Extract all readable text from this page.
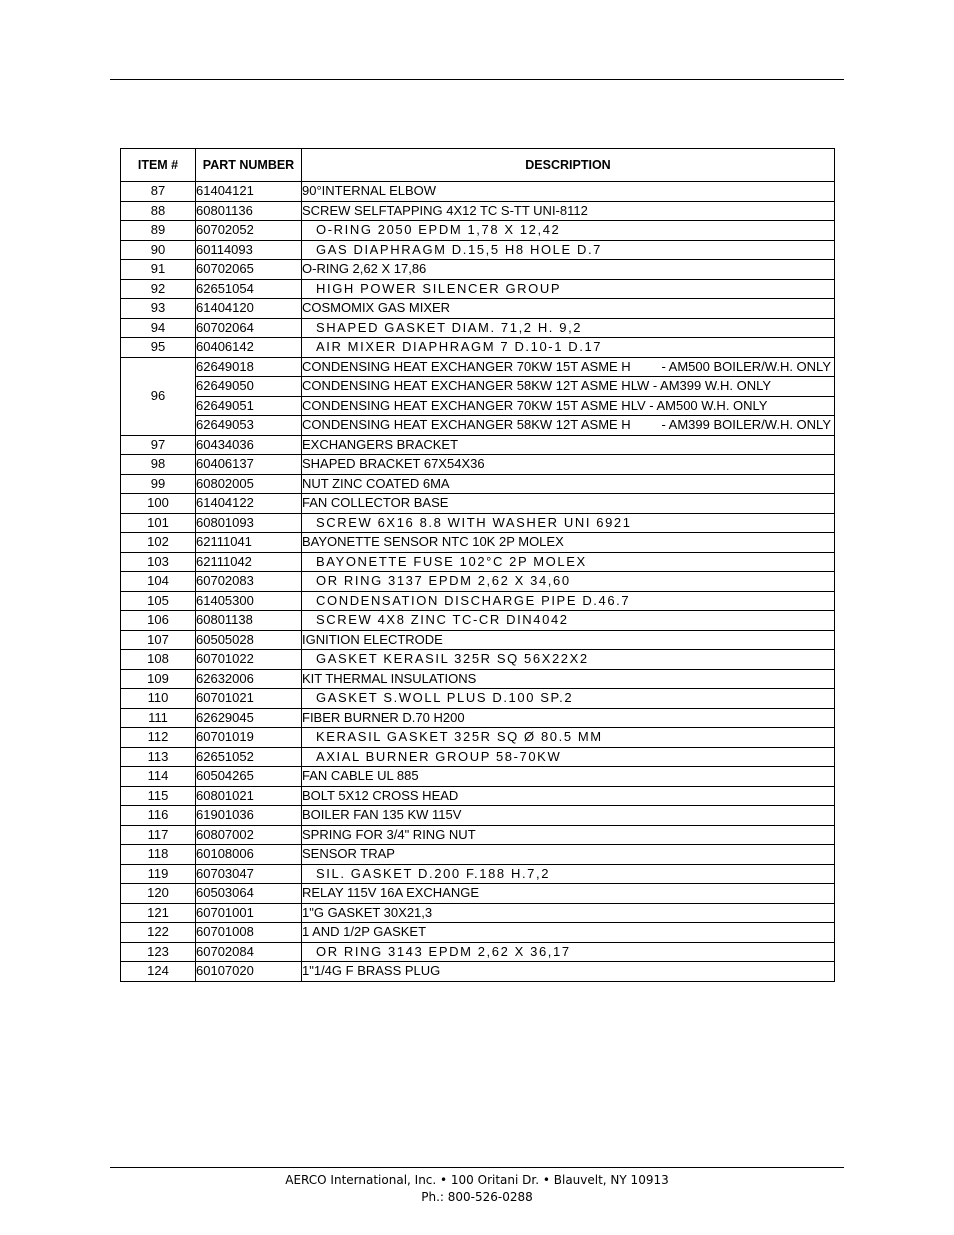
ITEM #	PART NUMBER	DESCRIPTION
87	61404121	90°INTERNAL ELBOW
88	60801136	SCREW SELFTAPPING 4X12 TC S-TT UNI-8112
89	60702052	O-RING 2050 EPDM 1,78 X 12,42
90	60114093	GAS DIAPHRAGM D.15,5 H8 HOLE D.7
91	60702065	O-RING 2,62 X 17,86
92	62651054	HIGH POWER SILENCER GROUP
93	61404120	COSMOMIX GAS MIXER
94	60702064	SHAPED GASKET DIAM. 71,2 H. 9,2
95	60406142	AIR MIXER DIAPHRAGM 7 D.10-1 D.17
96	62649018	CONDENSING HEAT EXCHANGER 70KW 15T ASME H - AM500 BOILER/W.H. ONLY

	62649050	CONDENSING HEAT EXCHANGER 58KW 12T ASME HLW - AM399 W.H. ONLY
	62649051	CONDENSING HEAT EXCHANGER 70KW 15T ASME HLV - AM500 W.H. ONLY
	62649053	CONDENSING HEAT EXCHANGER 58KW 12T ASME H - AM399 BOILER/W.H. ONLY

97	60434036	EXCHANGERS BRACKET
98	60406137	SHAPED BRACKET 67X54X36
99	60802005	NUT ZINC COATED 6MA
100	61404122	FAN COLLECTOR BASE
101	60801093	SCREW 6X16 8.8 WITH WASHER UNI 6921
102	62111041	BAYONETTE SENSOR NTC 10K 2P MOLEX
103	62111042	BAYONETTE FUSE 102°C 2P MOLEX
104	60702083	OR RING 3137 EPDM 2,62 X 34,60
105	61405300	CONDENSATION DISCHARGE PIPE D.46.7
106	60801138	SCREW 4X8 ZINC TC-CR DIN4042
107	60505028	IGNITION ELECTRODE
108	60701022	GASKET KERASIL 325R SQ 56X22X2
109	62632006	KIT THERMAL INSULATIONS
110	60701021	GASKET S.WOLL PLUS D.100 SP.2
111	62629045	FIBER BURNER D.70 H200
112	60701019	KERASIL GASKET 325R SQ Ø 80.5 MM
113	62651052	AXIAL BURNER GROUP 58-70KW
114	60504265	FAN CABLE UL 885
115	60801021	BOLT 5X12 CROSS HEAD
116	61901036	BOILER FAN 135 KW 115V
117	60807002	SPRING FOR 3/4" RING NUT
118	60108006	SENSOR TRAP
119	60703047	SIL. GASKET D.200 F.188 H.7,2
120	60503064	RELAY 115V 16A EXCHANGE
121	60701001	1"G GASKET 30X21,3
122	60701008	1 AND 1/2P GASKET
123	60702084	OR RING 3143 EPDM 2,62 X 36,17
124	60107020	1"1/4G F BRASS PLUG
AERCO International, Inc. • 100 Oritani Dr. • Blauvelt, NY 10913
Ph.: 800-526-0288
